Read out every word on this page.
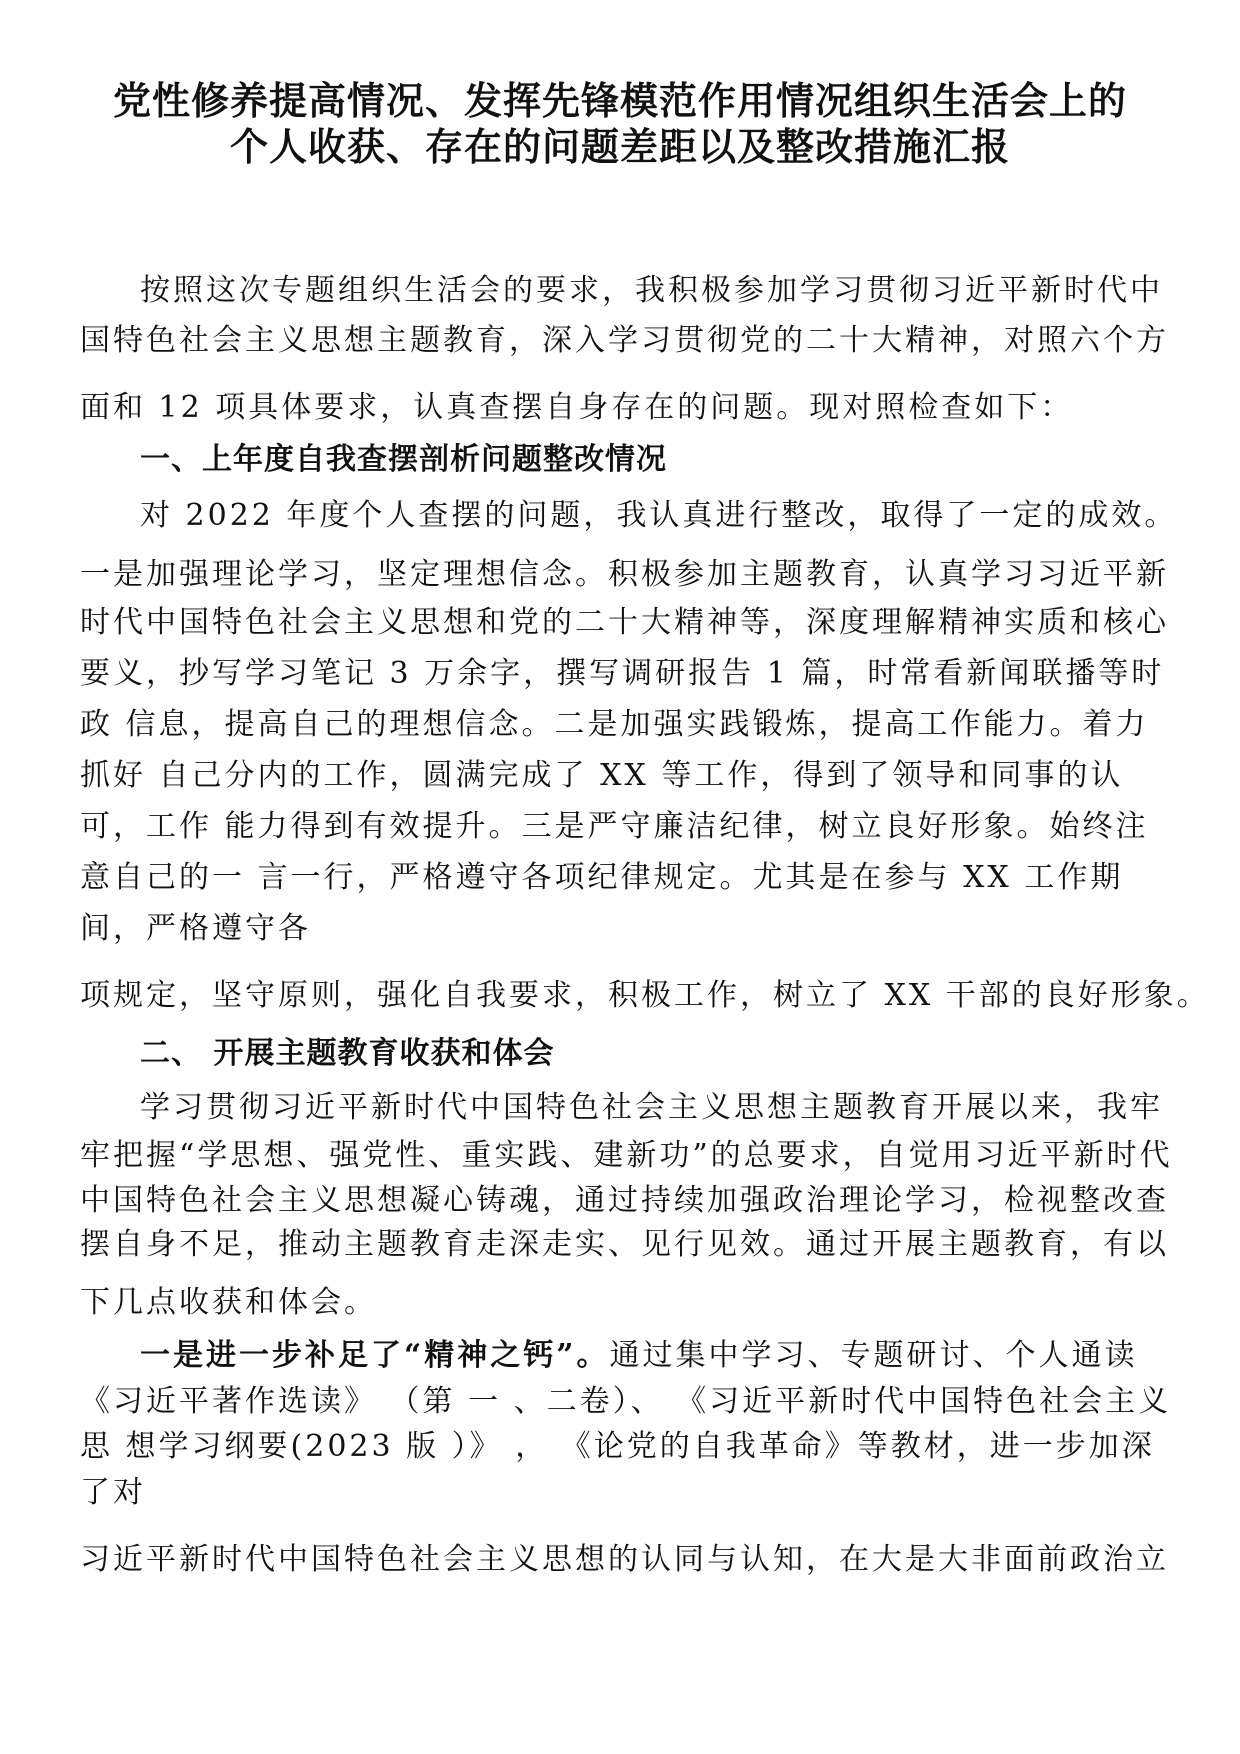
党性修养提高情况、发挥先锋模范作用情况组织生活会上的
个人收获、存在的问题差距以及整改措施汇报
按照这次专题组织生活会的要求，我积极参加学习贯彻习近平新时代中
国特色社会主义思想主题教育，深入学习贯彻党的二十大精神，对照六个方
面和 12 项具体要求，认真查摆自身存在的问题。现对照检查如下：
一、上年度自我查摆剖析问题整改情况
对 2022 年度个人查摆的问题，我认真进行整改，取得了一定的成效。
一是加强理论学习，坚定理想信念。积极参加主题教育，认真学习习近平新
时代中国特色社会主义思想和党的二十大精神等，深度理解精神实质和核心
要义，抄写学习笔记 3 万余字，撰写调研报告 1 篇，时常看新闻联播等时
政 信息，提高自己的理想信念。二是加强实践锻炼，提高工作能力。着力
抓好 自己分内的工作，圆满完成了 XX 等工作，得到了领导和同事的认
可，工作 能力得到有效提升。三是严守廉洁纪律，树立良好形象。始终注
意自己的一 言一行，严格遵守各项纪律规定。尤其是在参与 XX 工作期
间，严格遵守各
项规定，坚守原则，强化自我要求，积极工作，树立了 XX 干部的良好形象。
二、 开展主题教育收获和体会
学习贯彻习近平新时代中国特色社会主义思想主题教育开展以来，我牢
牢把握“学思想、强党性、重实践、建新功”的总要求，自觉用习近平新时代
中国特色社会主义思想凝心铸魂，通过持续加强政治理论学习，检视整改查
摆自身不足，推动主题教育走深走实、见行见效。通过开展主题教育，有以
下几点收获和体会。
一是进一步补足了“精神之钙”。通过集中学习、专题研讨、个人通读
《习近平著作选读》 （第 一 、二卷）、 《习近平新时代中国特色社会主义
思 想学习纲要(2023 版 ）》 ， 《论党的自我革命》等教材，进一步加深
了对
习近平新时代中国特色社会主义思想的认同与认知，在大是大非面前政治立
